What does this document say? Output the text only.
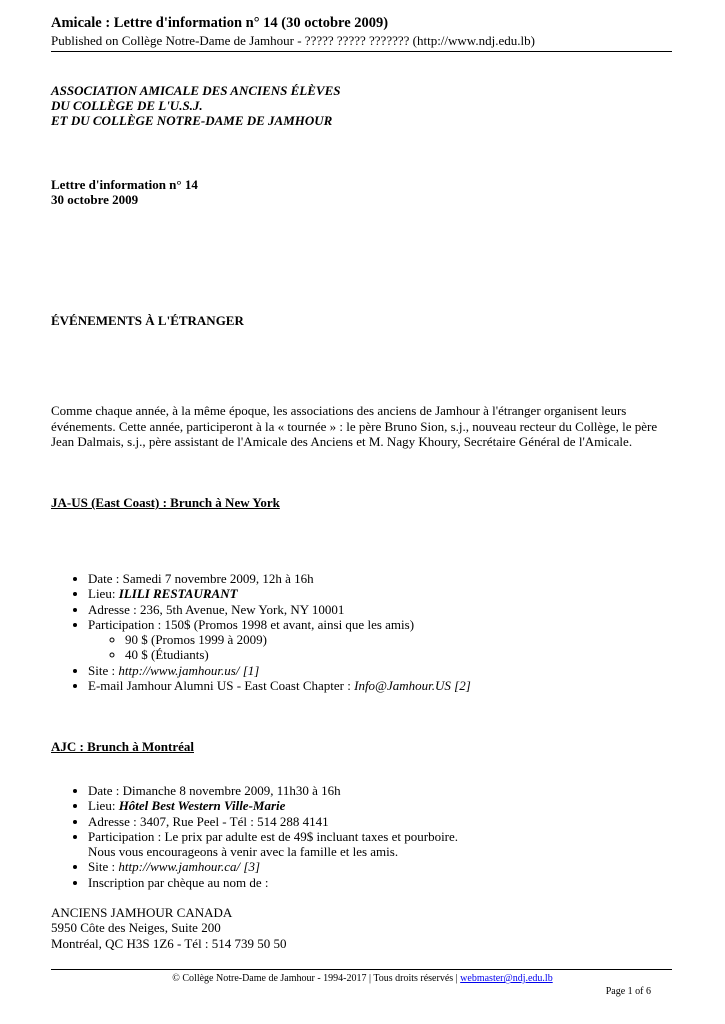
Amicale : Lettre d'information n° 14 (30 octobre 2009)
Published on Collège Notre-Dame de Jamhour - ????? ????? ??????? (http://www.ndj.edu.lb)
ASSOCIATION AMICALE DES ANCIENS ÉLÈVES
DU COLLÈGE DE L'U.S.J.
ET DU COLLÈGE NOTRE-DAME DE JAMHOUR
Lettre d'information n° 14
30 octobre 2009
ÉVÉNEMENTS À L'ÉTRANGER
Comme chaque année, à la même époque, les associations des anciens de Jamhour à l'étranger organisent leurs événements. Cette année, participeront à la « tournée » : le père Bruno Sion, s.j., nouveau recteur du Collège, le père Jean Dalmais, s.j., père assistant de l'Amicale des Anciens et M. Nagy Khoury, Secrétaire Général de l'Amicale.
JA-US (East Coast) : Brunch à New York
• Date : Samedi 7 novembre 2009, 12h à 16h
• Lieu: ILILI RESTAURANT
• Adresse : 236, 5th Avenue, New York, NY 10001
• Participation : 150$ (Promos 1998 et avant, ainsi que les amis)
◦ 90 $ (Promos 1999 à 2009)
◦ 40 $ (Étudiants)
• Site : http://www.jamhour.us/ [1]
• E-mail Jamhour Alumni US - East Coast Chapter : Info@Jamhour.US [2]
AJC : Brunch à Montréal
• Date : Dimanche 8 novembre 2009, 11h30 à 16h
• Lieu: Hôtel Best Western Ville-Marie
• Adresse : 3407, Rue Peel - Tél : 514 288 4141
• Participation : Le prix par adulte est de 49$ incluant taxes et pourboire.
Nous vous encourageons à venir avec la famille et les amis.
• Site : http://www.jamhour.ca/ [3]
• Inscription par chèque au nom de :
ANCIENS JAMHOUR CANADA
5950 Côte des Neiges, Suite 200
Montréal, QC H3S 1Z6 - Tél : 514 739 50 50
© Collège Notre-Dame de Jamhour - 1994-2017 | Tous droits réservés | webmaster@ndj.edu.lb
Page 1 of 6
